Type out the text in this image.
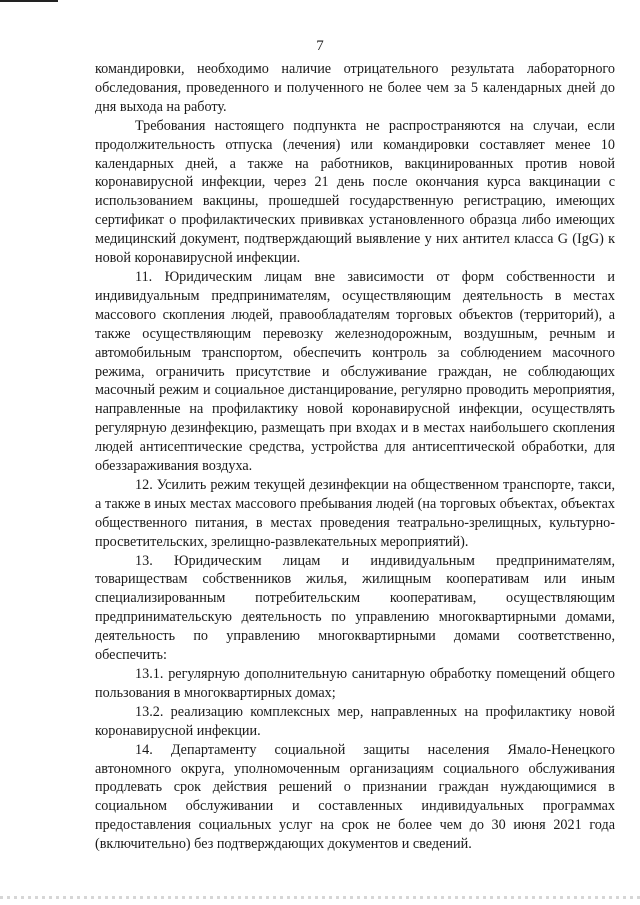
7

командировки, необходимо наличие отрицательного результата лабораторного обследования, проведенного и полученного не более чем за 5 календарных дней до дня выхода на работу.

Требования настоящего подпункта не распространяются на случаи, если продолжительность отпуска (лечения) или командировки составляет менее 10 календарных дней, а также на работников, вакцинированных против новой коронавирусной инфекции, через 21 день после окончания курса вакцинации с использованием вакцины, прошедшей государственную регистрацию, имеющих сертификат о профилактических прививках установленного образца либо имеющих медицинский документ, подтверждающий выявление у них антител класса G (IgG) к новой коронавирусной инфекции.

11. Юридическим лицам вне зависимости от форм собственности и индивидуальным предпринимателям, осуществляющим деятельность в местах массового скопления людей, правообладателям торговых объектов (территорий), а также осуществляющим перевозку железнодорожным, воздушным, речным и автомобильным транспортом, обеспечить контроль за соблюдением масочного режима, ограничить присутствие и обслуживание граждан, не соблюдающих масочный режим и социальное дистанцирование, регулярно проводить мероприятия, направленные на профилактику новой коронавирусной инфекции, осуществлять регулярную дезинфекцию, размещать при входах и в местах наибольшего скопления людей антисептические средства, устройства для антисептической обработки, для обеззараживания воздуха.

12. Усилить режим текущей дезинфекции на общественном транспорте, такси, а также в иных местах массового пребывания людей (на торговых объектах, объектах общественного питания, в местах проведения театрально-зрелищных, культурно-просветительских, зрелищно-развлекательных мероприятий).

13. Юридическим лицам и индивидуальным предпринимателям, товариществам собственников жилья, жилищным кооперативам или иным специализированным потребительским кооперативам, осуществляющим предпринимательскую деятельность по управлению многоквартирными домами, деятельность по управлению многоквартирными домами соответственно, обеспечить:

13.1. регулярную дополнительную санитарную обработку помещений общего пользования в многоквартирных домах;

13.2. реализацию комплексных мер, направленных на профилактику новой коронавирусной инфекции.

14. Департаменту социальной защиты населения Ямало-Ненецкого автономного округа, уполномоченным организациям социального обслуживания продлевать срок действия решений о признании граждан нуждающимися в социальном обслуживании и составленных индивидуальных программах предоставления социальных услуг на срок не более чем до 30 июня 2021 года (включительно) без подтверждающих документов и сведений.
